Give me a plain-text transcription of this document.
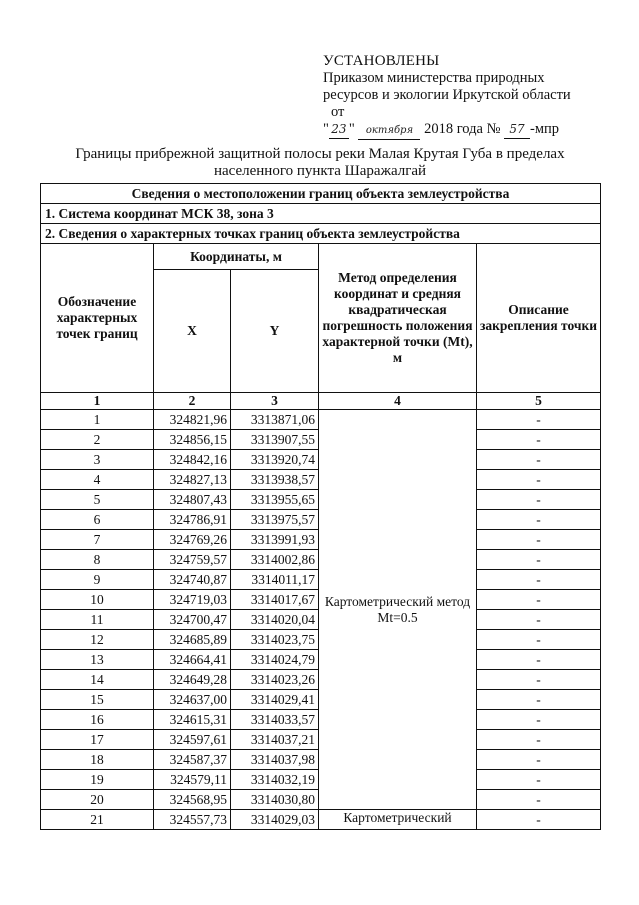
УСТАНОВЛЕНЫ
Приказом министерства природных
ресурсов и экологии Иркутской области
от
" 23 " октября 2018 года № 57 -мпр
Границы прибрежной защитной полосы реки Малая Крутая Губа в пределах
населенного пункта Шаражалгай
Сведения о местоположении границ объекта землеустройства				
1. Система координат МСК 38, зона 3				
2. Сведения о характерных точках границ объекта землеустройства				
Обозначение характерных точек границ	Координаты, м		Метод определения координат и средняя квадратическая погрешность положения характерной точки (Mt), м	Описание закрепления точки
	X	Y		
1	2	3	4	5
1	324821,96	3313871,06	Картометрический метод Mt=0.5	-
2	324856,15	3313907,55		-
3	324842,16	3313920,74		-
4	324827,13	3313938,57		-
5	324807,43	3313955,65		-
6	324786,91	3313975,57		-
7	324769,26	3313991,93		-
8	324759,57	3314002,86		-
9	324740,87	3314011,17		-
10	324719,03	3314017,67		-
11	324700,47	3314020,04		-
12	324685,89	3314023,75		-
13	324664,41	3314024,79		-
14	324649,28	3314023,26		-
15	324637,00	3314029,41		-
16	324615,31	3314033,57		-
17	324597,61	3314037,21		-
18	324587,37	3314037,98		-
19	324579,11	3314032,19		-
20	324568,95	3314030,80		-
21	324557,73	3314029,03	Картометрический	-
